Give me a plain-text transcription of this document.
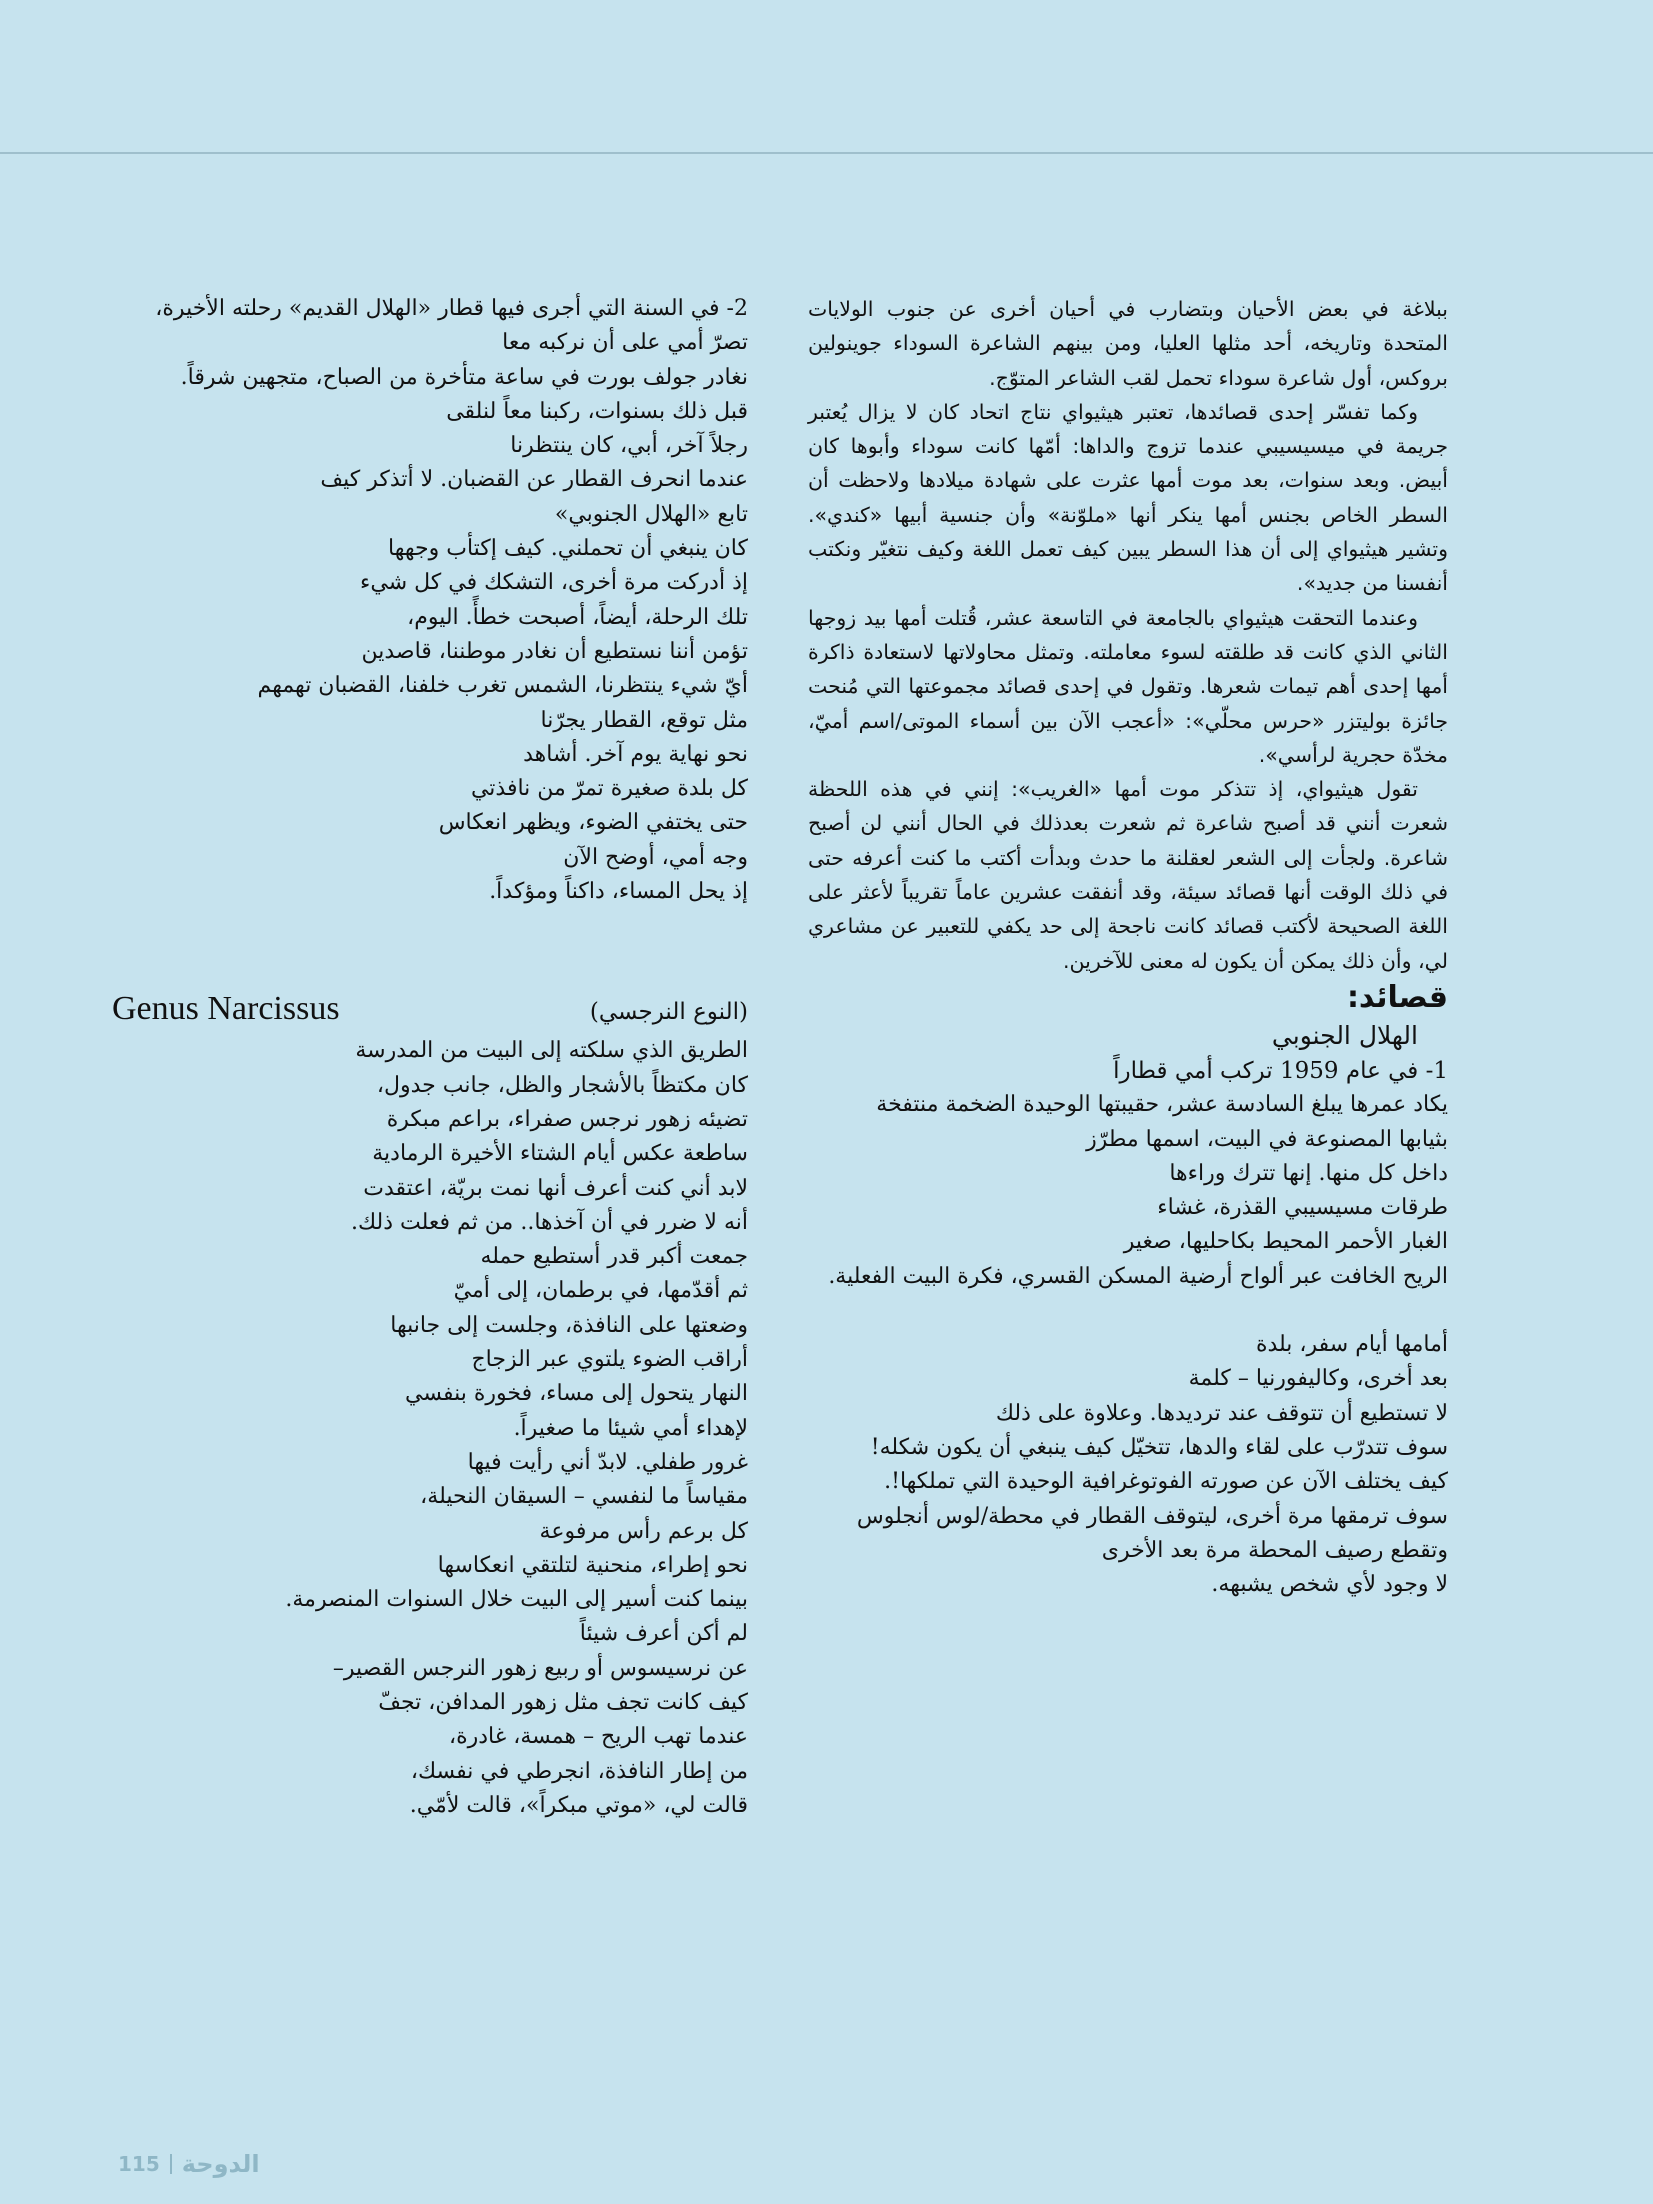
ببلاغة في بعض الأحيان وبتضارب في أحيان أخرى عن جنوب الولايات المتحدة وتاريخه، أحد مثلها العليا، ومن بينهم الشاعرة السوداء جوينولين بروكس، أول شاعرة سوداء تحمل لقب الشاعر المتوّج.

وكما تفسّر إحدى قصائدها، تعتبر هيثيواي نتاج اتحاد كان لا يزال يُعتبر جريمة في ميسيسيبي عندما تزوج والداها: أمّها كانت سوداء وأبوها كان أبيض. وبعد سنوات، بعد موت أمها عثرت على شهادة ميلادها ولاحظت أن السطر الخاص بجنس أمها ينكر أنها «ملوّنة» وأن جنسية أبيها «كندي». وتشير هيثيواي إلى أن هذا السطر يبين كيف تعمل اللغة وكيف نتغيّر ونكتب أنفسنا من جديد».

وعندما التحقت هيثيواي بالجامعة في التاسعة عشر، قُتلت أمها بيد زوجها الثاني الذي كانت قد طلقته لسوء معاملته. وتمثل محاولاتها لاستعادة ذاكرة أمها إحدى أهم تيمات شعرها. وتقول في إحدى قصائد مجموعتها التي مُنحت جائزة بوليتزر «حرس محلّي»: «أعجب الآن بين أسماء الموتى/اسم أميّ، مخدّة حجرية لرأسي».

تقول هيثيواي، إذ تتذكر موت أمها «الغريب»: إنني في هذه اللحظة شعرت أنني قد أصبح شاعرة ثم شعرت بعدذلك في الحال أنني لن أصبح شاعرة. ولجأت إلى الشعر لعقلنة ما حدث وبدأت أكتب ما كنت أعرفه حتى في ذلك الوقت أنها قصائد سيئة، وقد أنفقت عشرين عاماً تقريباً لأعثر على اللغة الصحيحة لأكتب قصائد كانت ناجحة إلى حد يكفي للتعبير عن مشاعري لي، وأن ذلك يمكن أن يكون له معنى للآخرين.

قصائد:

الهلال الجنوبي

1- في عام 1959 تركب أمي قطاراً

يكاد عمرها يبلغ السادسة عشر، حقيبتها الوحيدة الضخمة منتفخة

بثيابها المصنوعة في البيت، اسمها مطرّز

داخل كل منها. إنها تترك وراءها

طرقات مسيسيبي القذرة، غشاء

الغبار الأحمر المحيط بكاحليها، صغير

الريح الخافت عبر ألواح أرضية المسكن القسري، فكرة البيت الفعلية.

أمامها أيام سفر، بلدة

بعد أخرى، وكاليفورنيا – كلمة

لا تستطيع أن تتوقف عند ترديدها. وعلاوة على ذلك

سوف تتدرّب على لقاء والدها، تتخيّل كيف ينبغي أن يكون شكله!

كيف يختلف الآن عن صورته الفوتوغرافية الوحيدة التي تملكها!.

سوف ترمقها مرة أخرى، ليتوقف القطار في محطة/لوس أنجلوس

وتقطع رصيف المحطة مرة بعد الأخرى

لا وجود لأي شخص يشبهه.

2- في السنة التي أجرى فيها قطار «الهلال القديم» رحلته الأخيرة،

تصرّ أمي على أن نركبه معا

نغادر جولف بورت في ساعة متأخرة من الصباح، متجهين شرقاً.

قبل ذلك بسنوات، ركبنا معاً لنلقى

رجلاً آخر، أبي، كان ينتظرنا

عندما انحرف القطار عن القضبان. لا أتذكر كيف

تابع «الهلال الجنوبي»

كان ينبغي أن تحملني. كيف إكتأب وجهها

إذ أدركت مرة أخرى، التشكك في كل شيء

تلك الرحلة، أيضاً، أصبحت خطأً. اليوم،

تؤمن أننا نستطيع أن نغادر موطننا، قاصدين

أيّ شيء ينتظرنا، الشمس تغرب خلفنا، القضبان تهمهم

مثل توقع، القطار يجرّنا

نحو نهاية يوم آخر. أشاهد

كل بلدة صغيرة تمرّ من نافذتي

حتى يختفي الضوء، ويظهر انعكاس

وجه أمي، أوضح الآن

إذ يحل المساء، داكناً ومؤكداً.

(النوع النرجسي)
Genus Narcissus

الطريق الذي سلكته إلى البيت من المدرسة

كان مكتظاً بالأشجار والظل، جانب جدول،

تضيئه زهور نرجس صفراء، براعم مبكرة

ساطعة عكس أيام الشتاء الأخيرة الرمادية

لابد أني كنت أعرف أنها نمت بريّة، اعتقدت

أنه لا ضرر في أن آخذها.. من ثم فعلت ذلك.

جمعت أكبر قدر أستطيع حمله

ثم أقدّمها، في برطمان، إلى أميّ

وضعتها على النافذة، وجلست إلى جانبها

أراقب الضوء يلتوي عبر الزجاج

النهار يتحول إلى مساء، فخورة بنفسي

لإهداء أمي شيئا ما صغيراً.

غرور طفلي. لابدّ أني رأيت فيها

مقياساً ما لنفسي – السيقان النحيلة،

كل برعم رأس مرفوعة

نحو إطراء، منحنية لتلتقي انعكاسها

بينما كنت أسير إلى البيت خلال السنوات المنصرمة.

لم أكن أعرف شيئاً

عن نرسيسوس أو ربيع زهور النرجس القصير–

كيف كانت تجف مثل زهور المدافن، تجفّ

عندما تهب الريح – همسة، غادرة،

من إطار النافذة، انجرطي في نفسك،

قالت لي، «موتي مبكراً»، قالت لأمّي.

115 الدوحة
